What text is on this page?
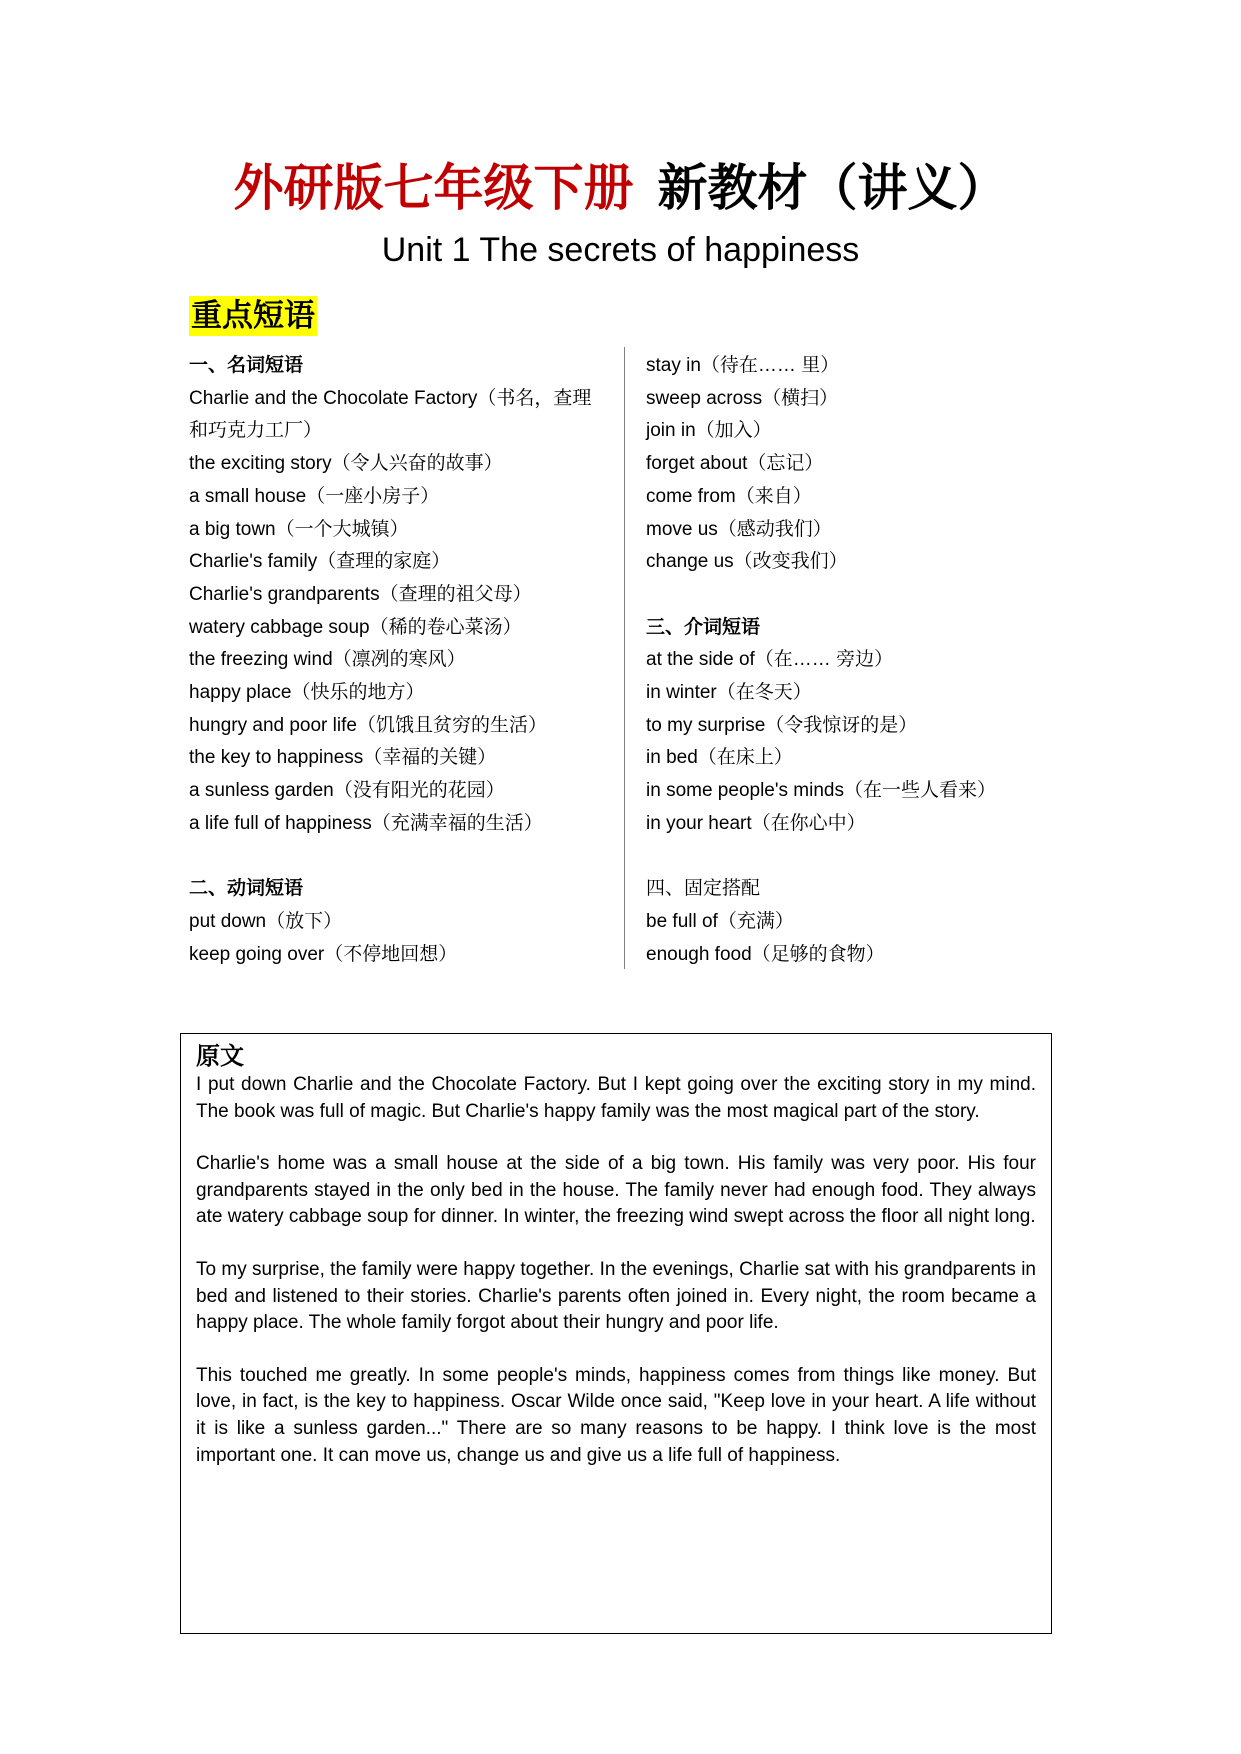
外研版七年级下册 新教材（讲义）
Unit 1 The secrets of happiness
重点短语
一、名词短语
Charlie and the Chocolate Factory（书名，查理和巧克力工厂）
the exciting story（令人兴奋的故事）
a small house（一座小房子）
a big town（一个大城镇）
Charlie's family（查理的家庭）
Charlie's grandparents（查理的祖父母）
watery cabbage soup（稀的卷心菜汤）
the freezing wind（凛冽的寒风）
happy place（快乐的地方）
hungry and poor life（饥饿且贫穷的生活）
the key to happiness（幸福的关键）
a sunless garden（没有阳光的花园）
a life full of happiness（充满幸福的生活）
二、动词短语
put down（放下）
keep going over（不停地回想）
stay in（待在…… 里）
sweep across（横扫）
join in（加入）
forget about（忘记）
come from（来自）
move us（感动我们）
change us（改变我们）
三、介词短语
at the side of（在…… 旁边）
in winter（在冬天）
to my surprise（令我惊讶的是）
in bed（在床上）
in some people's minds（在一些人看来）
in your heart（在你心中）
四、固定搭配
be full of（充满）
enough food（足够的食物）
原文

I put down Charlie and the Chocolate Factory. But I kept going over the exciting story in my mind. The book was full of magic. But Charlie's happy family was the most magical part of the story.

Charlie's home was a small house at the side of a big town. His family was very poor. His four grandparents stayed in the only bed in the house. The family never had enough food. They always ate watery cabbage soup for dinner. In winter, the freezing wind swept across the floor all night long.

To my surprise, the family were happy together. In the evenings, Charlie sat with his grandparents in bed and listened to their stories. Charlie's parents often joined in. Every night, the room became a happy place. The whole family forgot about their hungry and poor life.

This touched me greatly. In some people's minds, happiness comes from things like money. But love, in fact, is the key to happiness. Oscar Wilde once said, "Keep love in your heart. A life without it is like a sunless garden..." There are so many reasons to be happy. I think love is the most important one. It can move us, change us and give us a life full of happiness.
